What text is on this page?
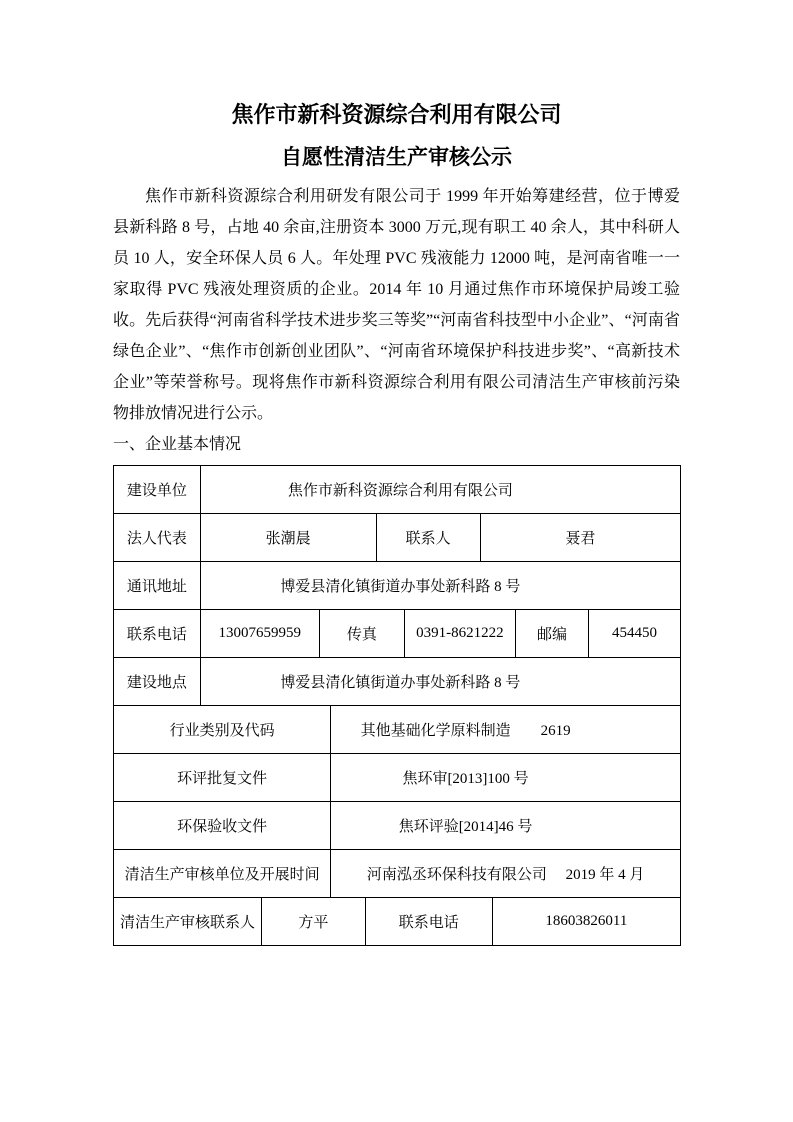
焦作市新科资源综合利用有限公司
自愿性清洁生产审核公示

焦作市新科资源综合利用研发有限公司于 1999 年开始筹建经营，位于博爱县新科路 8 号，占地 40 余亩,注册资本 3000 万元,现有职工 40 余人，其中科研人员 10 人，安全环保人员 6 人。年处理 PVC 残液能力 12000 吨，是河南省唯一一家取得 PVC 残液处理资质的企业。2014 年 10 月通过焦作市环境保护局竣工验收。先后获得“河南省科学技术进步奖三等奖”“河南省科技型中小企业”、“河南省绿色企业”、“焦作市创新创业团队”、“河南省环境保护科技进步奖”、“高新技术企业”等荣誉称号。现将焦作市新科资源综合利用有限公司清洁生产审核前污染物排放情况进行公示。

一、企业基本情况
建设单位	焦作市新科资源综合利用有限公司
法人代表	张潮晨	联系人	聂君
通讯地址	博爱县清化镇街道办事处新科路 8 号
联系电话	13007659959	传真	0391-8621222	邮编	454450
建设地点	博爱县清化镇街道办事处新科路 8 号
行业类别及代码	其他基础化学原料制造　　2619
环评批复文件	焦环审[2013]100 号
环保验收文件	焦环评验[2014]46 号
清洁生产审核单位及开展时间	河南泓丞环保科技有限公司　 2019 年 4 月
清洁生产审核联系人	方平	联系电话	18603826011
